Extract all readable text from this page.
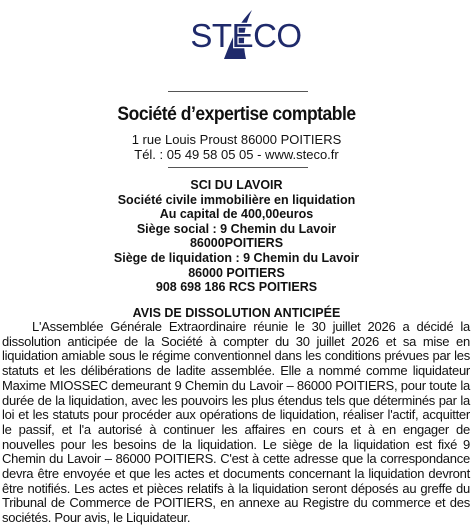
STECO
Société d’expertise comptable
1 rue Louis Proust 86000 POITIERS
Tél. : 05 49 58 05 05 - www.steco.fr
SCI DU LAVOIR
Société civile immobilière en liquidation
Au capital de 400,00euros
Siège social : 9 Chemin du Lavoir
86000POITIERS
Siège de liquidation : 9 Chemin du Lavoir
86000 POITIERS
908 698 186 RCS POITIERS
AVIS DE DISSOLUTION ANTICIPÉE

L'Assemblée Générale Extraordinaire réunie le 30 juillet 2026 a décidé la dissolution anticipée de la Société à compter du 30 juillet 2026 et sa mise en liquidation amiable sous le régime conventionnel dans les conditions prévues par les statuts et les délibérations de ladite assemblée. Elle a nommé comme liquidateur Maxime MIOSSEC demeurant 9 Chemin du Lavoir – 86000 POITIERS, pour toute la durée de la liquidation, avec les pouvoirs les plus étendus tels que déterminés par la loi et les statuts pour procéder aux opérations de liquidation, réaliser l'actif, acquitter le passif, et l'a autorisé à continuer les affaires en cours et à en engager de nouvelles pour les besoins de la liquidation. Le siège de la liquidation est fixé 9 Chemin du Lavoir – 86000 POITIERS. C'est à cette adresse que la correspondance devra être envoyée et que les actes et documents concernant la liquidation devront être notifiés. Les actes et pièces relatifs à la liquidation seront déposés au greffe du Tribunal de Commerce de POITIERS, en annexe au Registre du commerce et des sociétés. Pour avis, le Liquidateur.
